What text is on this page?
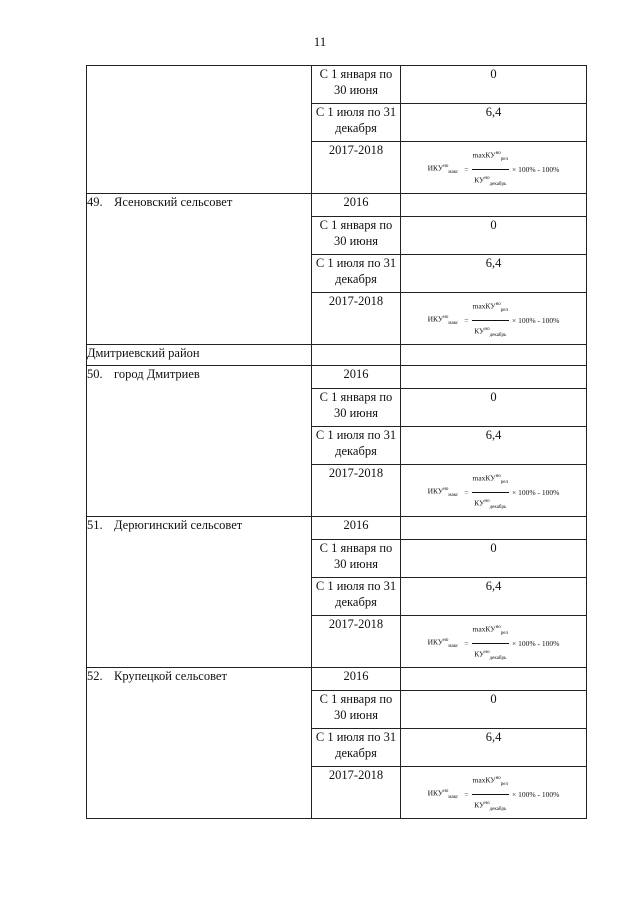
11
	С 1 января по 30 июня	0
	С 1 июля по 31 декабря	6,4
	2017-2018	$ИКУ^{но}_{макс} = \frac{\max КУ^{но}_{рел}}{КУ^{но}_{декабрь}} \times 100\% - 100\%$

49. Ясеновский сельсовет	2016	
	С 1 января по 30 июня	0
	С 1 июля по 31 декабря	6,4
	2017-2018	$ИКУ^{но}_{макс} = \frac{\max КУ^{но}_{рел}}{КУ^{но}_{декабрь}} \times 100\% - 100\%$

Дмитриевский район		
50. город Дмитриев	2016	
	С 1 января по 30 июня	0
	С 1 июля по 31 декабря	6,4
	2017-2018	$ИКУ^{но}_{макс} = \frac{\max КУ^{но}_{рел}}{КУ^{но}_{декабрь}} \times 100\% - 100\%$

51. Дерюгинский сельсовет	2016	
	С 1 января по 30 июня	0
	С 1 июля по 31 декабря	6,4
	2017-2018	$ИКУ^{но}_{макс} = \frac{\max КУ^{но}_{рел}}{КУ^{но}_{декабрь}} \times 100\% - 100\%$

52. Крупецкой сельсовет	2016	
	С 1 января по 30 июня	0
	С 1 июля по 31 декабря	6,4
	2017-2018	$ИКУ^{но}_{макс} = \frac{\max КУ^{но}_{рел}}{КУ^{но}_{декабрь}} \times 100\% - 100\%$
